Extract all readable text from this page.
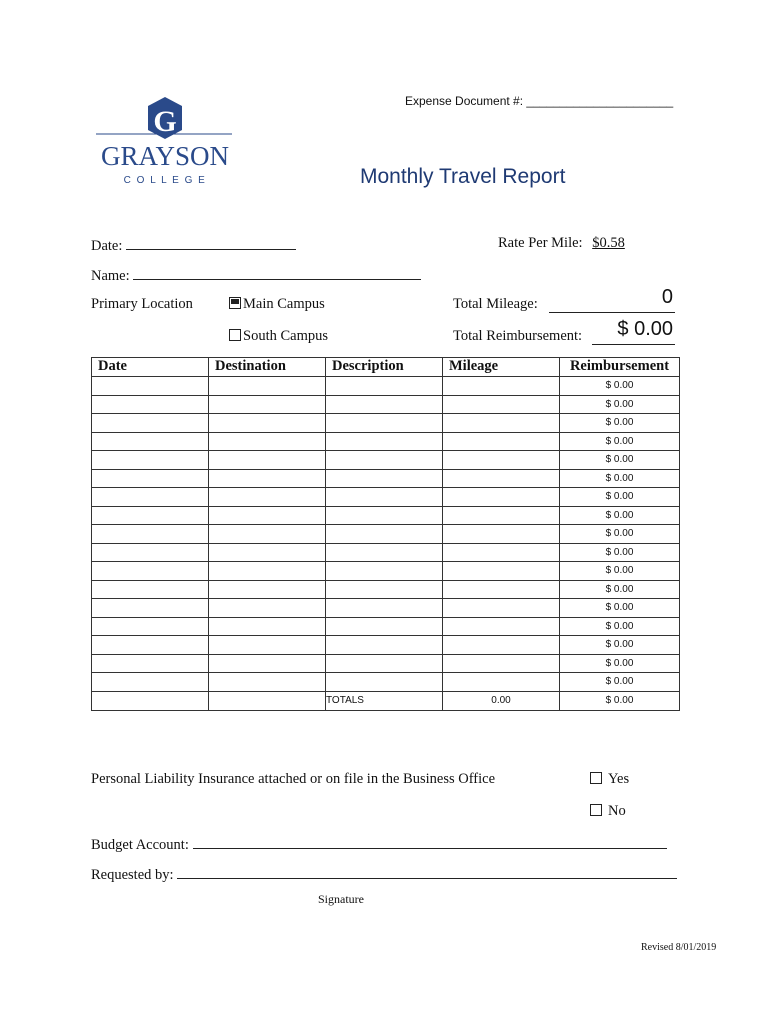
Expense Document #: ______________________
G
GRAYSON
C O L L E G E	Monthly Travel Report
Date:	Rate Per Mile: $0.58
Name:
Primary Location	Main Campus
South Campus
Total Mileage:	0
Total Reimbursement: $ 0.00
Date	Destination	Description	Mileage	Reimbursement
				$ 0.00
				$ 0.00
				$ 0.00
				$ 0.00
				$ 0.00
				$ 0.00
				$ 0.00
				$ 0.00
				$ 0.00
				$ 0.00
				$ 0.00
				$ 0.00
				$ 0.00
				$ 0.00
				$ 0.00
				$ 0.00
				$ 0.00
		TOTALS	0.00	$ 0.00
Personal Liability Insurance attached or on file in the Business Office	Yes
No
Budget Account:
Requested by:
Signature
Revised 8/01/2019
